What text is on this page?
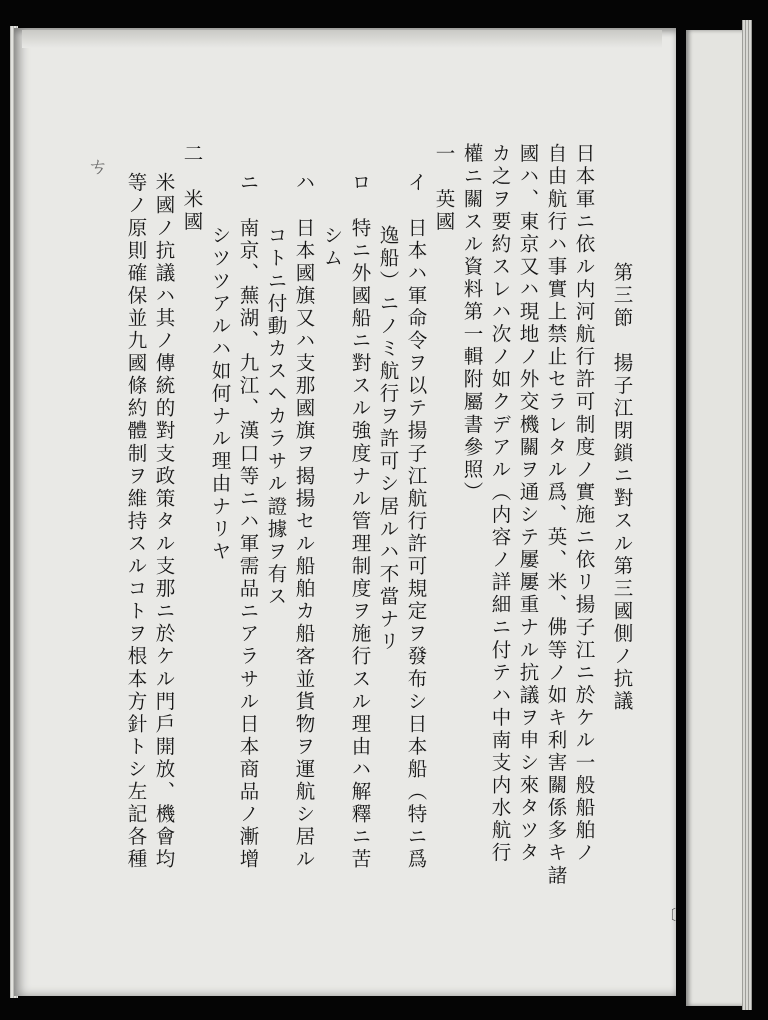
ㄘ
〔
第三節　揚子江閉鎖ニ對スル第三國側ノ抗議
日本軍ニ依ル内河航行許可制度ノ實施ニ依リ揚子江ニ於ケル一般船舶ノ
自由航行ハ事實上禁止セラレタル爲、英、米、佛等ノ如キ利害關係多キ諸
國ハ、東京又ハ現地ノ外交機關ヲ通シテ屢屢重ナル抗議ヲ申シ來タツタ
カ之ヲ要約スレハ次ノ如クデアル（内容ノ詳細ニ付テハ中南支内水航行
權ニ關スル資料第一輯附屬書參照）
一　英國
イ　日本ハ軍命令ヲ以テ揚子江航行許可規定ヲ發布シ日本船（特ニ爲
逸船）ニノミ航行ヲ許可シ居ルハ不當ナリ
ロ　特ニ外國船ニ對スル強度ナル管理制度ヲ施行スル理由ハ解釋ニ苦
シム
ハ　日本國旗又ハ支那國旗ヲ揭揚セル船舶カ船客並貨物ヲ運航シ居ル
コトニ付動カスヘカラサル證據ヲ有ス
ニ　南京、蕪湖、九江、漢口等ニハ軍需品ニアラサル日本商品ノ漸增
シツツアルハ如何ナル理由ナリヤ
二　米國
米國ノ抗議ハ其ノ傳統的對支政策タル支那ニ於ケル門戶開放、機會均
等ノ原則確保並九國條約體制ヲ維持スルコトヲ根本方針トシ左記各種
